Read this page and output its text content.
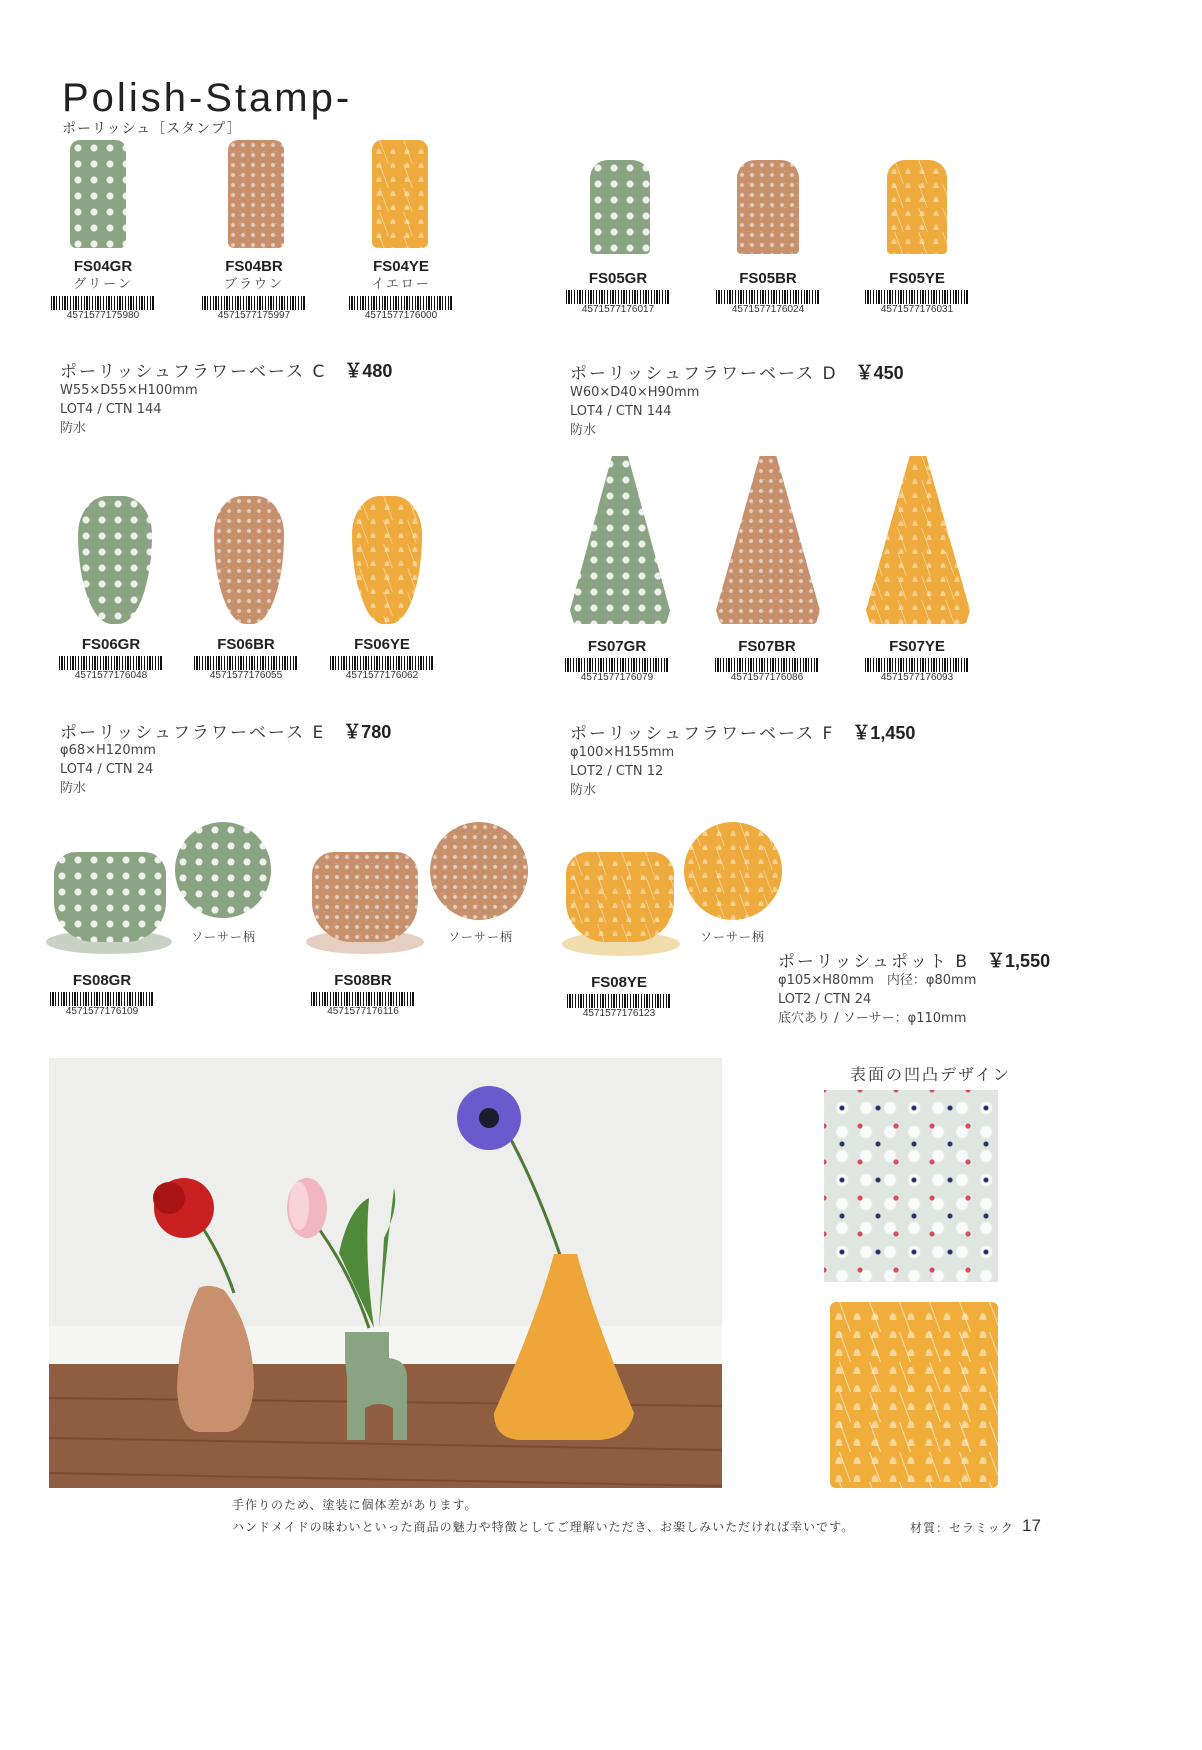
Polish-Stamp-
ポーリッシュ［スタンプ］
FS04GR
グリーン
4571577175980
FS04BR
ブラウン
4571577175997
FS04YE
イエロー
4571577176000
ポーリッシュフラワーベース C ￥480
W55×D55×H100mm
LOT4 / CTN 144
防水
FS05GR
4571577176017
FS05BR
4571577176024
FS05YE
4571577176031
ポーリッシュフラワーベース D ￥450
W60×D40×H90mm
LOT4 / CTN 144
防水
FS06GR
4571577176048
FS06BR
4571577176055
FS06YE
4571577176062
ポーリッシュフラワーベース E ￥780
φ68×H120mm
LOT4 / CTN 24
防水
FS07GR
4571577176079
FS07BR
4571577176086
FS07YE
4571577176093
ポーリッシュフラワーベース F ￥1,450
φ100×H155mm
LOT2 / CTN 12
防水
ソーサー柄	ソーサー柄	ソーサー柄
FS08GR
4571577176109
FS08BR
4571577176116
FS08YE
4571577176123
ポーリッシュポット B ￥1,550
φ105×H80mm　内径：φ80mm
LOT2 / CTN 24
底穴あり / ソーサー：φ110mm
表面の凹凸デザイン
手作りのため、塗装に個体差があります。
ハンドメイドの味わいといった商品の魅力や特徴としてご理解いただき、お楽しみいただければ幸いです。	材質：セラミック 17
